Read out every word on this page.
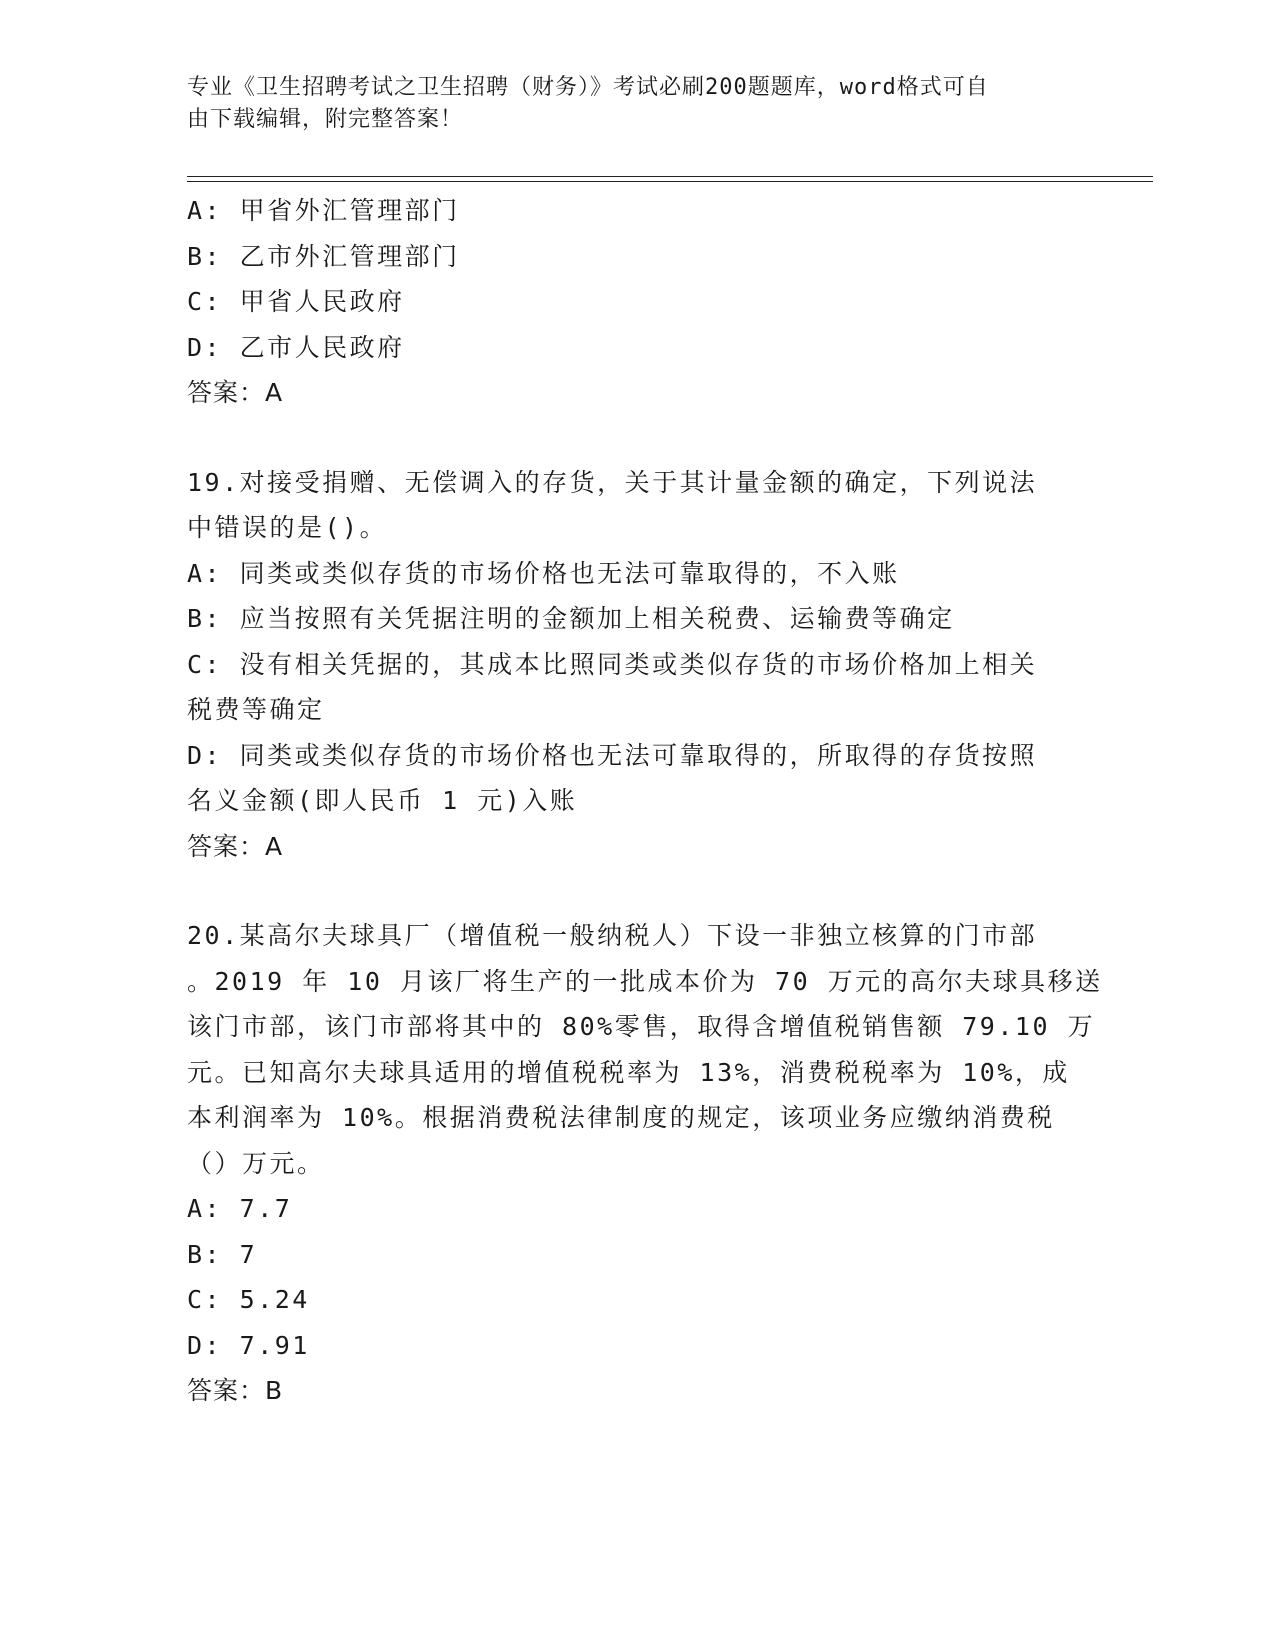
专业《卫生招聘考试之卫生招聘（财务）》考试必刷200题题库，word格式可自
由下载编辑，附完整答案！
A: 甲省外汇管理部门
B: 乙市外汇管理部门
C: 甲省人民政府
D: 乙市人民政府
答案：A
19.对接受捐赠、无偿调入的存货，关于其计量金额的确定，下列说法
中错误的是()。
A: 同类或类似存货的市场价格也无法可靠取得的，不入账
B: 应当按照有关凭据注明的金额加上相关税费、运输费等确定
C: 没有相关凭据的，其成本比照同类或类似存货的市场价格加上相关
税费等确定
D: 同类或类似存货的市场价格也无法可靠取得的，所取得的存货按照
名义金额(即人民币 1 元)入账
答案：A
20.某高尔夫球具厂（增值税一般纳税人）下设一非独立核算的门市部
。2019 年 10 月该厂将生产的一批成本价为 70 万元的高尔夫球具移送
该门市部，该门市部将其中的 80%零售，取得含增值税销售额 79.10 万
元。已知高尔夫球具适用的增值税税率为 13%，消费税税率为 10%，成
本利润率为 10%。根据消费税法律制度的规定，该项业务应缴纳消费税
（）万元。
A: 7.7
B: 7
C: 5.24
D: 7.91
答案：B
